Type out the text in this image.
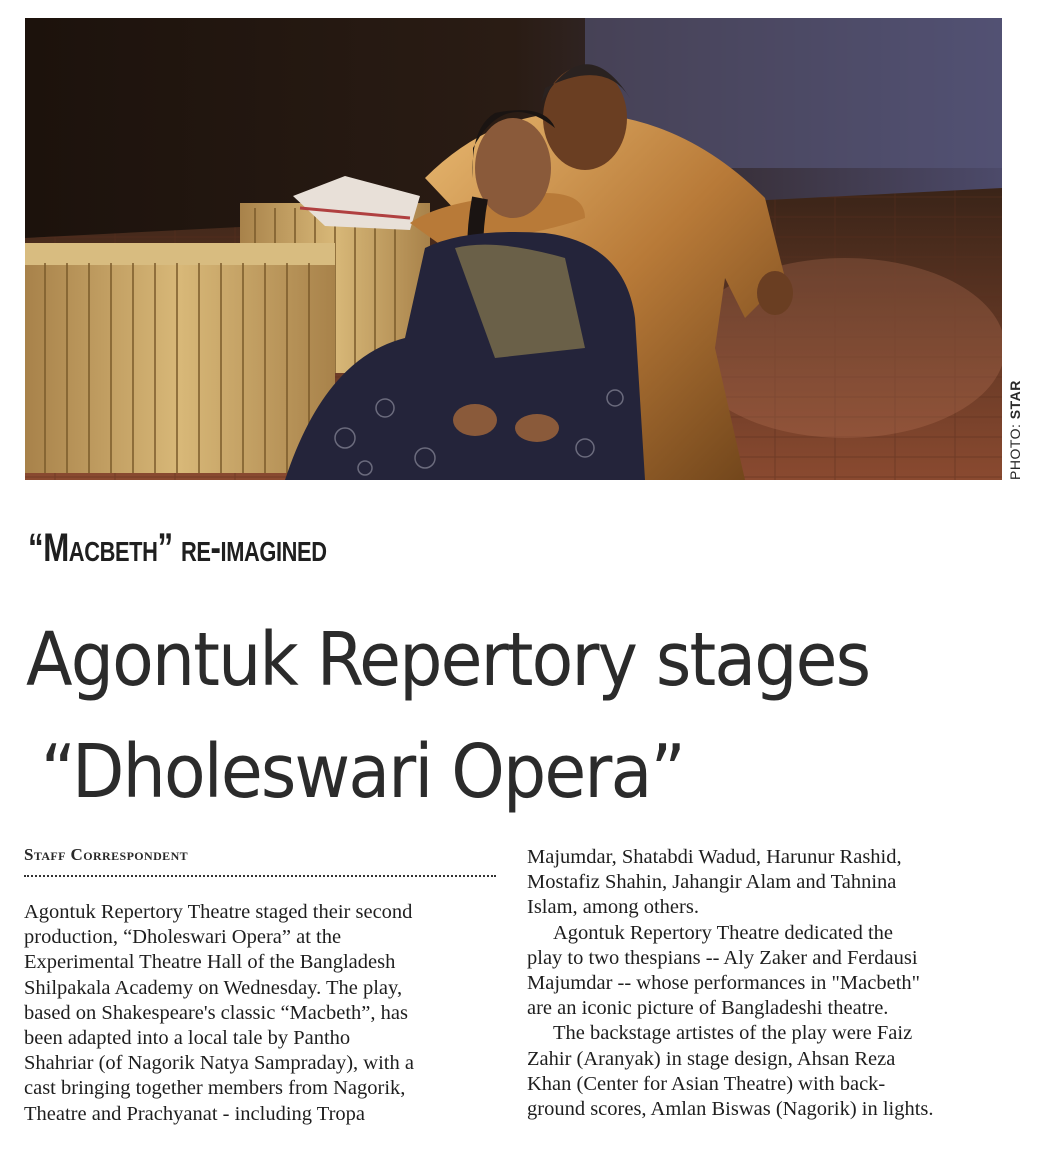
PHOTO: STAR
“Macbeth” re-imagined
Agontuk Repertory stages
“Dholeswari Opera”
Staff Correspondent
Agontuk Repertory Theatre staged their second
production, “Dholeswari Opera” at the
Experimental Theatre Hall of the Bangladesh
Shilpakala Academy on Wednesday. The play,
based on Shakespeare's classic “Macbeth”, has
been adapted into a local tale by Pantho
Shahriar (of Nagorik Natya Sampraday), with a
cast bringing together members from Nagorik,
Theatre and Prachyanat - including Tropa
Majumdar, Shatabdi Wadud, Harunur Rashid,
Mostafiz Shahin, Jahangir Alam and Tahnina
Islam, among others.
Agontuk Repertory Theatre dedicated the
play to two thespians -- Aly Zaker and Ferdausi
Majumdar -- whose performances in "Macbeth"
are an iconic picture of Bangladeshi theatre.
The backstage artistes of the play were Faiz
Zahir (Aranyak) in stage design, Ahsan Reza
Khan (Center for Asian Theatre) with back-
ground scores, Amlan Biswas (Nagorik) in lights.
